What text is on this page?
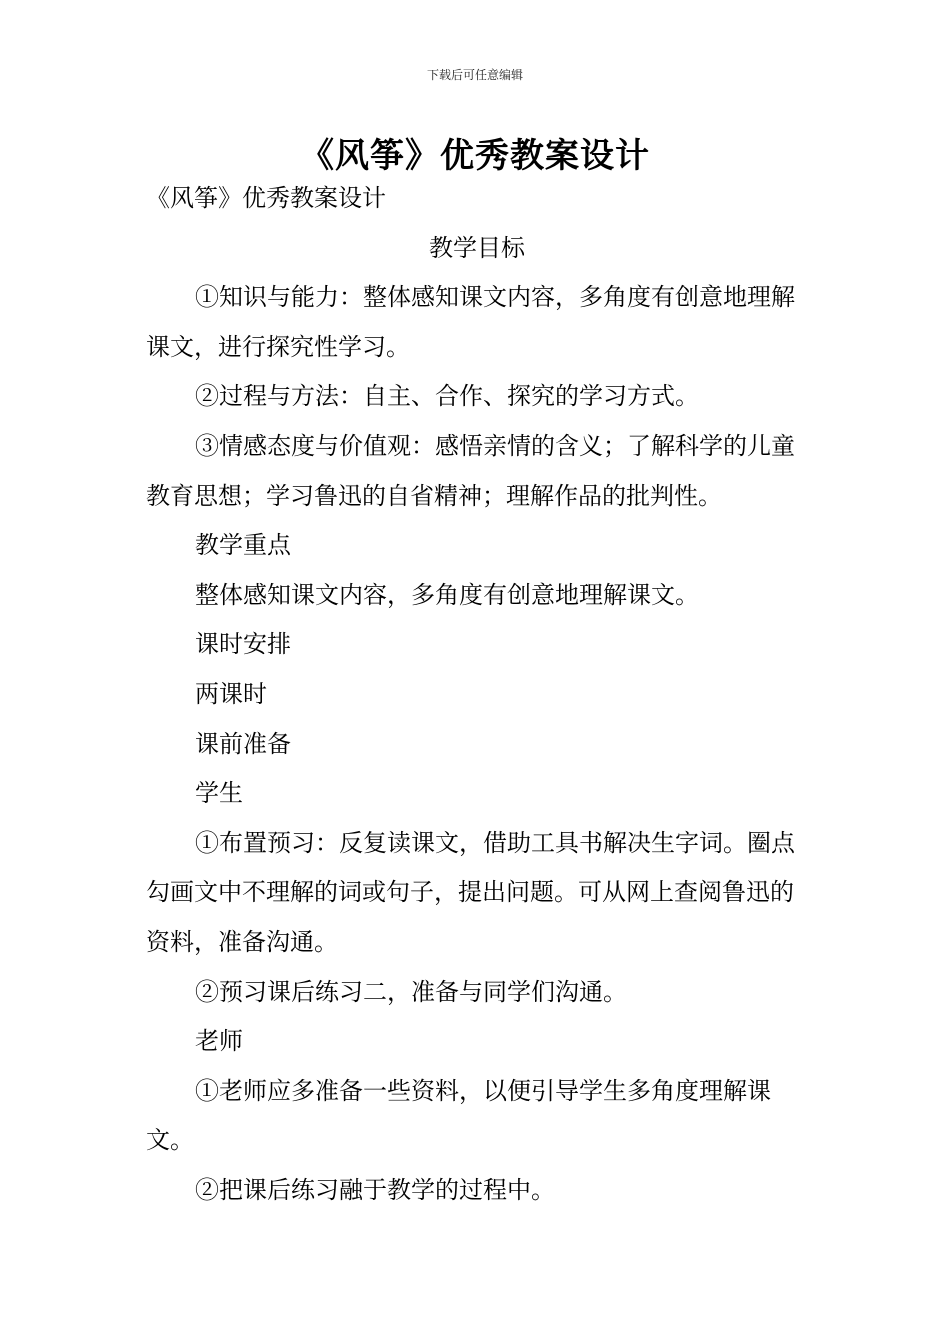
下载后可任意编辑
《风筝》优秀教案设计

《风筝》优秀教案设计

教学目标

①知识与能力：整体感知课文内容，多角度有创意地理解课文，进行探究性学习。

②过程与方法：自主、合作、探究的学习方式。

③情感态度与价值观：感悟亲情的含义；了解科学的儿童教育思想；学习鲁迅的自省精神；理解作品的批判性。

教学重点

整体感知课文内容，多角度有创意地理解课文。

课时安排

两课时

课前准备

学生

①布置预习：反复读课文，借助工具书解决生字词。圈点勾画文中不理解的词或句子，提出问题。可从网上查阅鲁迅的资料，准备沟通。

②预习课后练习二，准备与同学们沟通。

老师

①老师应多准备一些资料，以便引导学生多角度理解课文。

②把课后练习融于教学的过程中。
